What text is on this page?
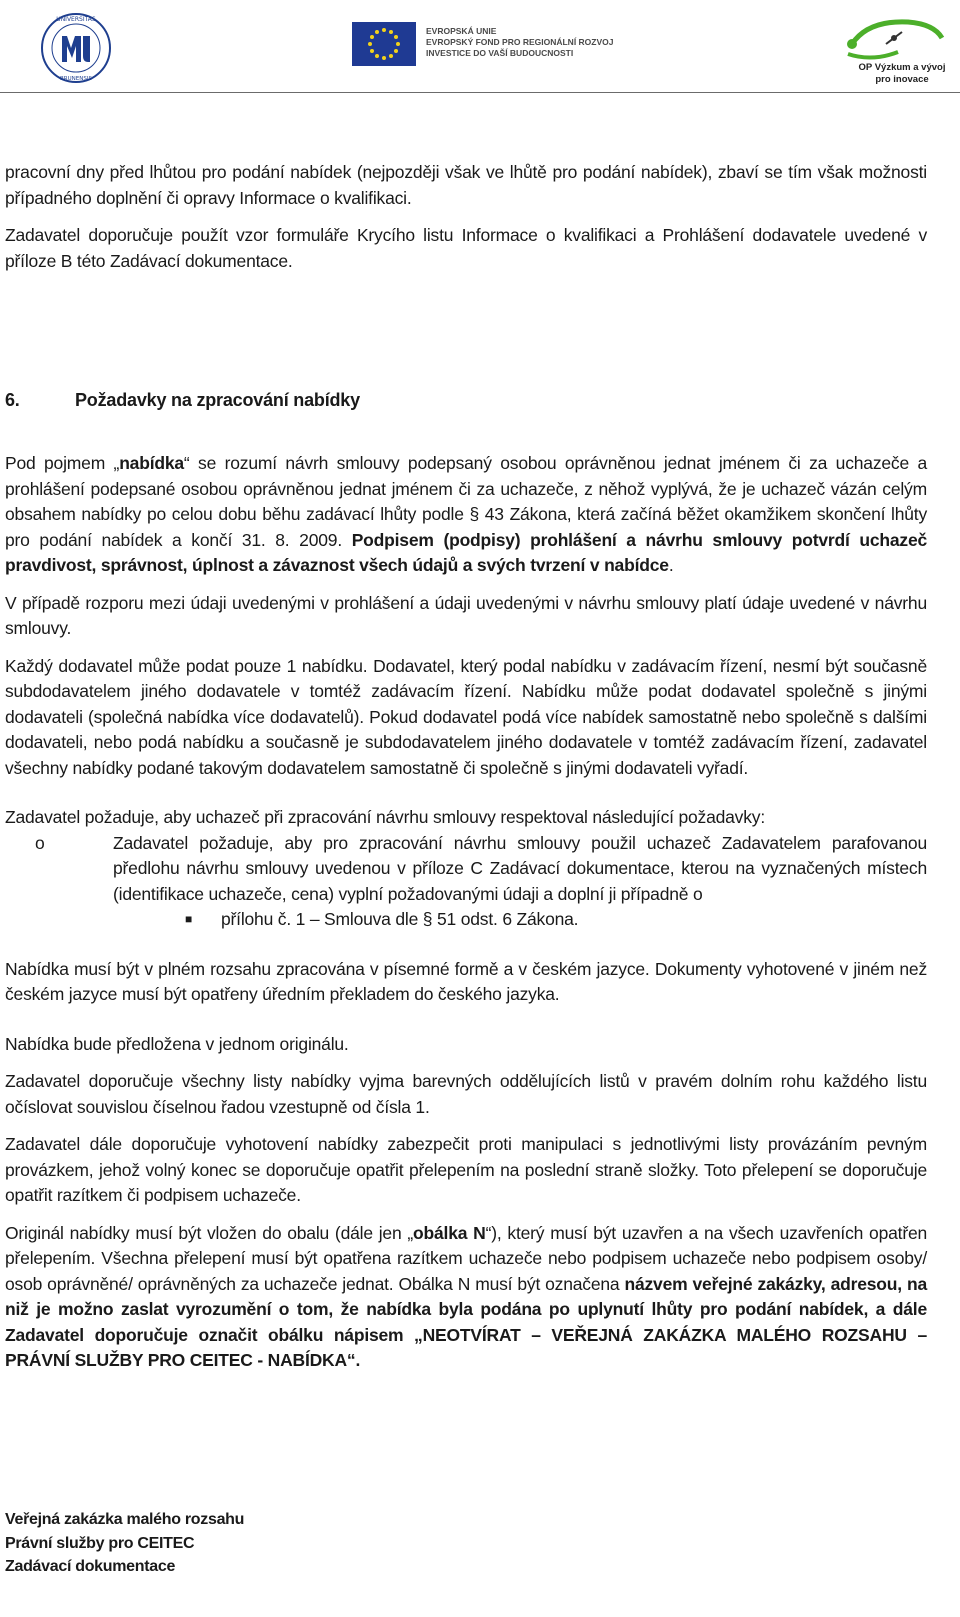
UNIVERSITAS
BRUNENSIS
EVROPSKÁ UNIE
EVROPSKÝ FOND PRO REGIONÁLNÍ ROZVOJ
INVESTICE DO VAŠÍ BUDOUCNOSTI
OP Výzkum a vývoj
pro inovace

pracovní dny před lhůtou pro podání nabídek (nejpozději však ve lhůtě pro podání nabídek), zbaví se tím však možnosti případného doplnění či opravy Informace o kvalifikaci.

Zadavatel doporučuje použít vzor formuláře Krycího listu Informace o kvalifikaci a Prohlášení dodavatele uvedené v příloze B této Zadávací dokumentace.

6.	Požadavky na zpracování nabídky

Pod pojmem „nabídka“ se rozumí návrh smlouvy podepsaný osobou oprávněnou jednat jménem či za uchazeče a prohlášení podepsané osobou oprávněnou jednat jménem či za uchazeče, z něhož vyplývá, že je uchazeč vázán celým obsahem nabídky po celou dobu běhu zadávací lhůty podle § 43 Zákona, která začíná běžet okamžikem skončení lhůty pro podání nabídek a končí 31. 8. 2009. Podpisem (podpisy) prohlášení a návrhu smlouvy potvrdí uchazeč pravdivost, správnost, úplnost a závaznost všech údajů a svých tvrzení v nabídce.

V případě rozporu mezi údaji uvedenými v prohlášení a údaji uvedenými v návrhu smlouvy platí údaje uvedené v návrhu smlouvy.

Každý dodavatel může podat pouze 1 nabídku. Dodavatel, který podal nabídku v zadávacím řízení, nesmí být současně subdodavatelem jiného dodavatele v tomtéž zadávacím řízení. Nabídku může podat dodavatel společně s jinými dodavateli (společná nabídka více dodavatelů). Pokud dodavatel podá více nabídek samostatně nebo společně s dalšími dodavateli, nebo podá nabídku a současně je subdodavatelem jiného dodavatele v tomtéž zadávacím řízení, zadavatel všechny nabídky podané takovým dodavatelem samostatně či společně s jinými dodavateli vyřadí.

Zadavatel požaduje, aby uchazeč při zpracování návrhu smlouvy respektoval následující požadavky:

o	Zadavatel požaduje, aby pro zpracování návrhu smlouvy použil uchazeč Zadavatelem parafovanou předlohu návrhu smlouvy uvedenou v příloze C Zadávací dokumentace, kterou na vyznačených místech (identifikace uchazeče, cena) vyplní požadovanými údaji a doplní ji případně o
■	přílohu č. 1 – Smlouva dle § 51 odst. 6 Zákona.

Nabídka musí být v plném rozsahu zpracována v písemné formě a v českém jazyce. Dokumenty vyhotovené v jiném než českém jazyce musí být opatřeny úředním překladem do českého jazyka.

Nabídka bude předložena v jednom originálu.

Zadavatel doporučuje všechny listy nabídky vyjma barevných oddělujících listů v pravém dolním rohu každého listu očíslovat souvislou číselnou řadou vzestupně od čísla 1.

Zadavatel dále doporučuje vyhotovení nabídky zabezpečit proti manipulaci s jednotlivými listy provázáním pevným provázkem, jehož volný konec se doporučuje opatřit přelepením na poslední straně složky. Toto přelepení se doporučuje opatřit razítkem či podpisem uchazeče.

Originál nabídky musí být vložen do obalu (dále jen „obálka N“), který musí být uzavřen a na všech uzavřeních opatřen přelepením. Všechna přelepení musí být opatřena razítkem uchazeče nebo podpisem uchazeče nebo podpisem osoby/ osob oprávněné/ oprávněných za uchazeče jednat. Obálka N musí být označena názvem veřejné zakázky, adresou, na niž je možno zaslat vyrozumění o tom, že nabídka byla podána po uplynutí lhůty pro podání nabídek, a dále Zadavatel doporučuje označit obálku nápisem „NEOTVÍRAT – VEŘEJNÁ ZAKÁZKA MALÉHO ROZSAHU – PRÁVNÍ SLUŽBY PRO CEITEC - NABÍDKA“.

Veřejná zakázka malého rozsahu
Právní služby pro CEITEC
Zadávací dokumentace
